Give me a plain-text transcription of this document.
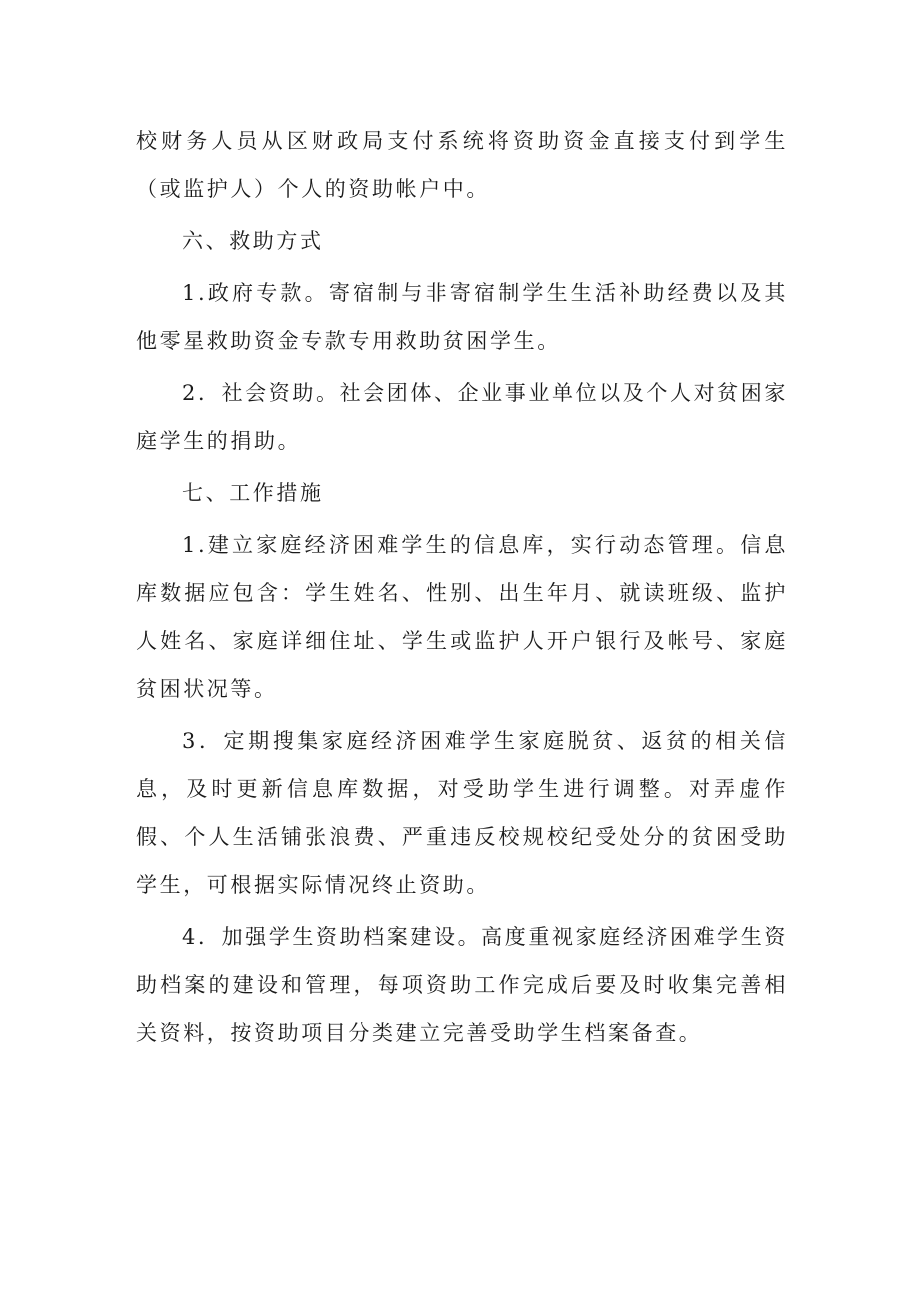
校财务人员从区财政局支付系统将资助资金直接支付到学生（或监护人）个人的资助帐户中。

六、救助方式

1.政府专款。寄宿制与非寄宿制学生生活补助经费以及其他零星救助资金专款专用救助贫困学生。

2．社会资助。社会团体、企业事业单位以及个人对贫困家庭学生的捐助。

七、工作措施

1.建立家庭经济困难学生的信息库，实行动态管理。信息库数据应包含：学生姓名、性别、出生年月、就读班级、监护人姓名、家庭详细住址、学生或监护人开户银行及帐号、家庭贫困状况等。

3．定期搜集家庭经济困难学生家庭脱贫、返贫的相关信息，及时更新信息库数据，对受助学生进行调整。对弄虚作假、个人生活铺张浪费、严重违反校规校纪受处分的贫困受助学生，可根据实际情况终止资助。

4．加强学生资助档案建设。高度重视家庭经济困难学生资助档案的建设和管理，每项资助工作完成后要及时收集完善相关资料，按资助项目分类建立完善受助学生档案备查。
